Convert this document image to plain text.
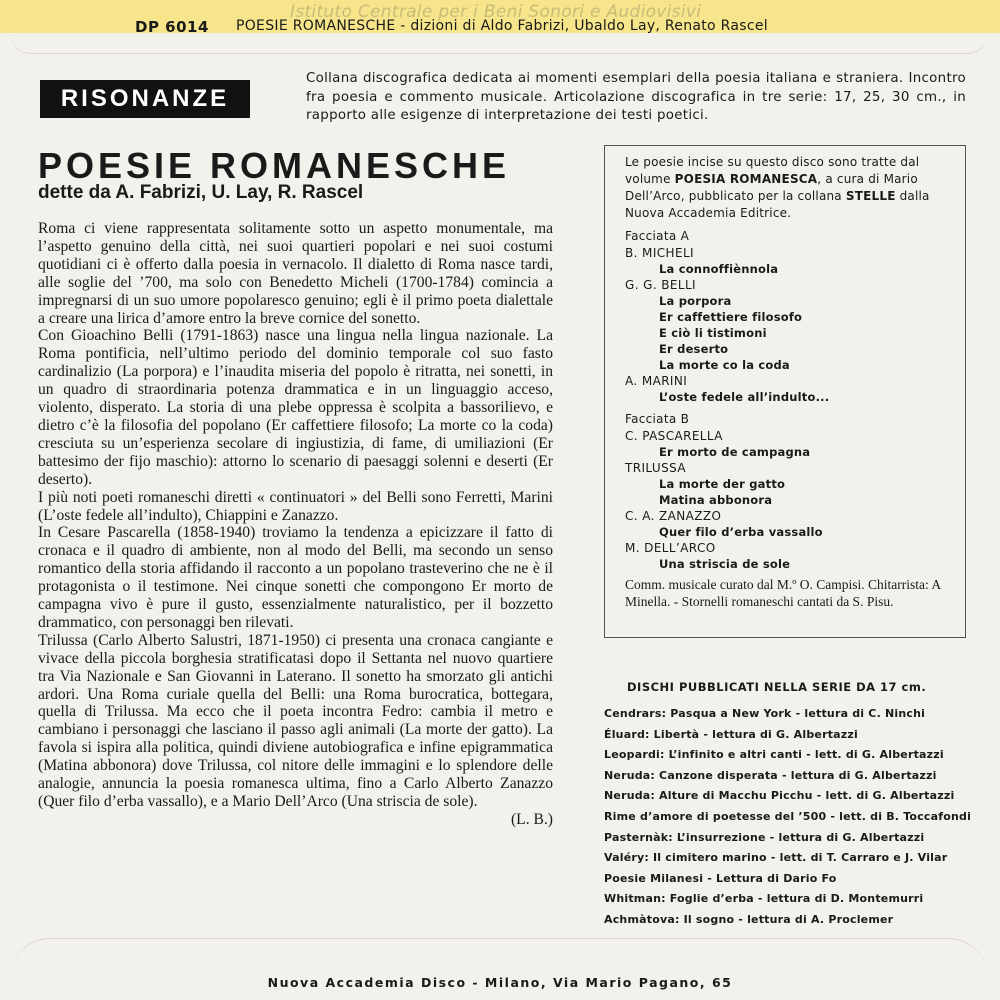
Istituto Centrale per i Beni Sonori e Audiovisivi
DP 6014 POESIE ROMANESCHE - dizioni di Aldo Fabrizi, Ubaldo Lay, Renato Rascel
RISONANZE
Collana discografica dedicata ai momenti esemplari della poesia italiana e straniera. Incontro fra poesia e commento musicale. Articolazione discografica in tre serie: 17, 25, 30 cm., in rapporto alle esigenze di interpretazione dei testi poetici.
POESIE ROMANESCHE
dette da A. Fabrizi, U. Lay, R. Rascel

Roma ci viene rappresentata solitamente sotto un aspetto monumentale, ma l’aspetto genuino della città, nei suoi quartieri popolari e nei suoi costumi quotidiani ci è offerto dalla poesia in vernacolo. Il dialetto di Roma nasce tardi, alle soglie del ’700, ma solo con Benedetto Micheli (1700-1784) comincia a impregnarsi di un suo umore popolaresco genuino; egli è il primo poeta dialettale a creare una lirica d’amore entro la breve cornice del sonetto.

Con Gioachino Belli (1791-1863) nasce una lingua nella lingua nazionale. La Roma pontificia, nell’ultimo periodo del dominio temporale col suo fasto cardinalizio (La porpora) e l’inaudita miseria del popolo è ritratta, nei sonetti, in un quadro di straordinaria potenza drammatica e in un linguaggio acceso, violento, disperato. La storia di una plebe oppressa è scolpita a bassorilievo, e dietro c’è la filosofia del popolano (Er caffettiere filosofo; La morte co la coda) cresciuta su un’esperienza secolare di ingiustizia, di fame, di umiliazioni (Er battesimo der fijo maschio): attorno lo scenario di paesaggi solenni e deserti (Er deserto).

I più noti poeti romaneschi diretti « continuatori » del Belli sono Ferretti, Marini (L’oste fedele all’indulto), Chiappini e Zanazzo.

In Cesare Pascarella (1858-1940) troviamo la tendenza a epicizzare il fatto di cronaca e il quadro di ambiente, non al modo del Belli, ma secondo un senso romantico della storia affidando il racconto a un popolano trasteverino che ne è il protagonista o il testimone. Nei cinque sonetti che compongono Er morto de campagna vivo è pure il gusto, essenzialmente naturalistico, per il bozzetto drammatico, con personaggi ben rilevati.

Trilussa (Carlo Alberto Salustri, 1871-1950) ci presenta una cronaca cangiante e vivace della piccola borghesia stratificatasi dopo il Settanta nel nuovo quartiere tra Via Nazionale e San Giovanni in Laterano. Il sonetto ha smorzato gli antichi ardori. Una Roma curiale quella del Belli: una Roma burocratica, bottegara, quella di Trilussa. Ma ecco che il poeta incontra Fedro: cambia il metro e cambiano i personaggi che lasciano il passo agli animali (La morte der gatto). La favola si ispira alla politica, quindi diviene autobiografica e infine epigrammatica (Matina abbonora) dove Trilussa, col nitore delle immagini e lo splendore delle analogie, annuncia la poesia romanesca ultima, fino a Carlo Alberto Zanazzo (Quer filo d’erba vassallo), e a Mario Dell’Arco (Una striscia de sole).

(L. B.)

Le poesie incise su questo disco sono tratte dal volume POESIA ROMANESCA, a cura di Mario Dell’Arco, pubblicato per la collana STELLE dalla Nuova Accademia Editrice.
Facciata A
B. MICHELI
La connoffiènnola
G. G. BELLI
La porpora
Er caffettiere filosofo
E ciò li tistimoni
Er deserto
La morte co la coda
A. MARINI
L’oste fedele all’indulto...
Facciata B
C. PASCARELLA
Er morto de campagna
TRILUSSA
La morte der gatto
Matina abbonora
C. A. ZANAZZO
Quer filo d’erba vassallo
M. DELL’ARCO
Una striscia de sole
Comm. musicale curato dal M.º O. Campisi. Chitarrista: A Minella. - Stornelli romaneschi cantati da S. Pisu.
DISCHI PUBBLICATI NELLA SERIE DA 17 cm.
Cendrars: Pasqua a New York - lettura di C. Ninchi
Éluard: Libertà - lettura di G. Albertazzi
Leopardi: L’infinito e altri canti - lett. di G. Albertazzi
Neruda: Canzone disperata - lettura di G. Albertazzi
Neruda: Alture di Macchu Picchu - lett. di G. Albertazzi
Rime d’amore di poetesse del ’500 - lett. di B. Toccafondi
Pasternàk: L’insurrezione - lettura di G. Albertazzi
Valéry: Il cimitero marino - lett. di T. Carraro e J. Vilar
Poesie Milanesi - Lettura di Dario Fo
Whitman: Foglie d’erba - lettura di D. Montemurri
Achmàtova: Il sogno - lettura di A. Proclemer
Nuova Accademia Disco - Milano, Via Mario Pagano, 65
